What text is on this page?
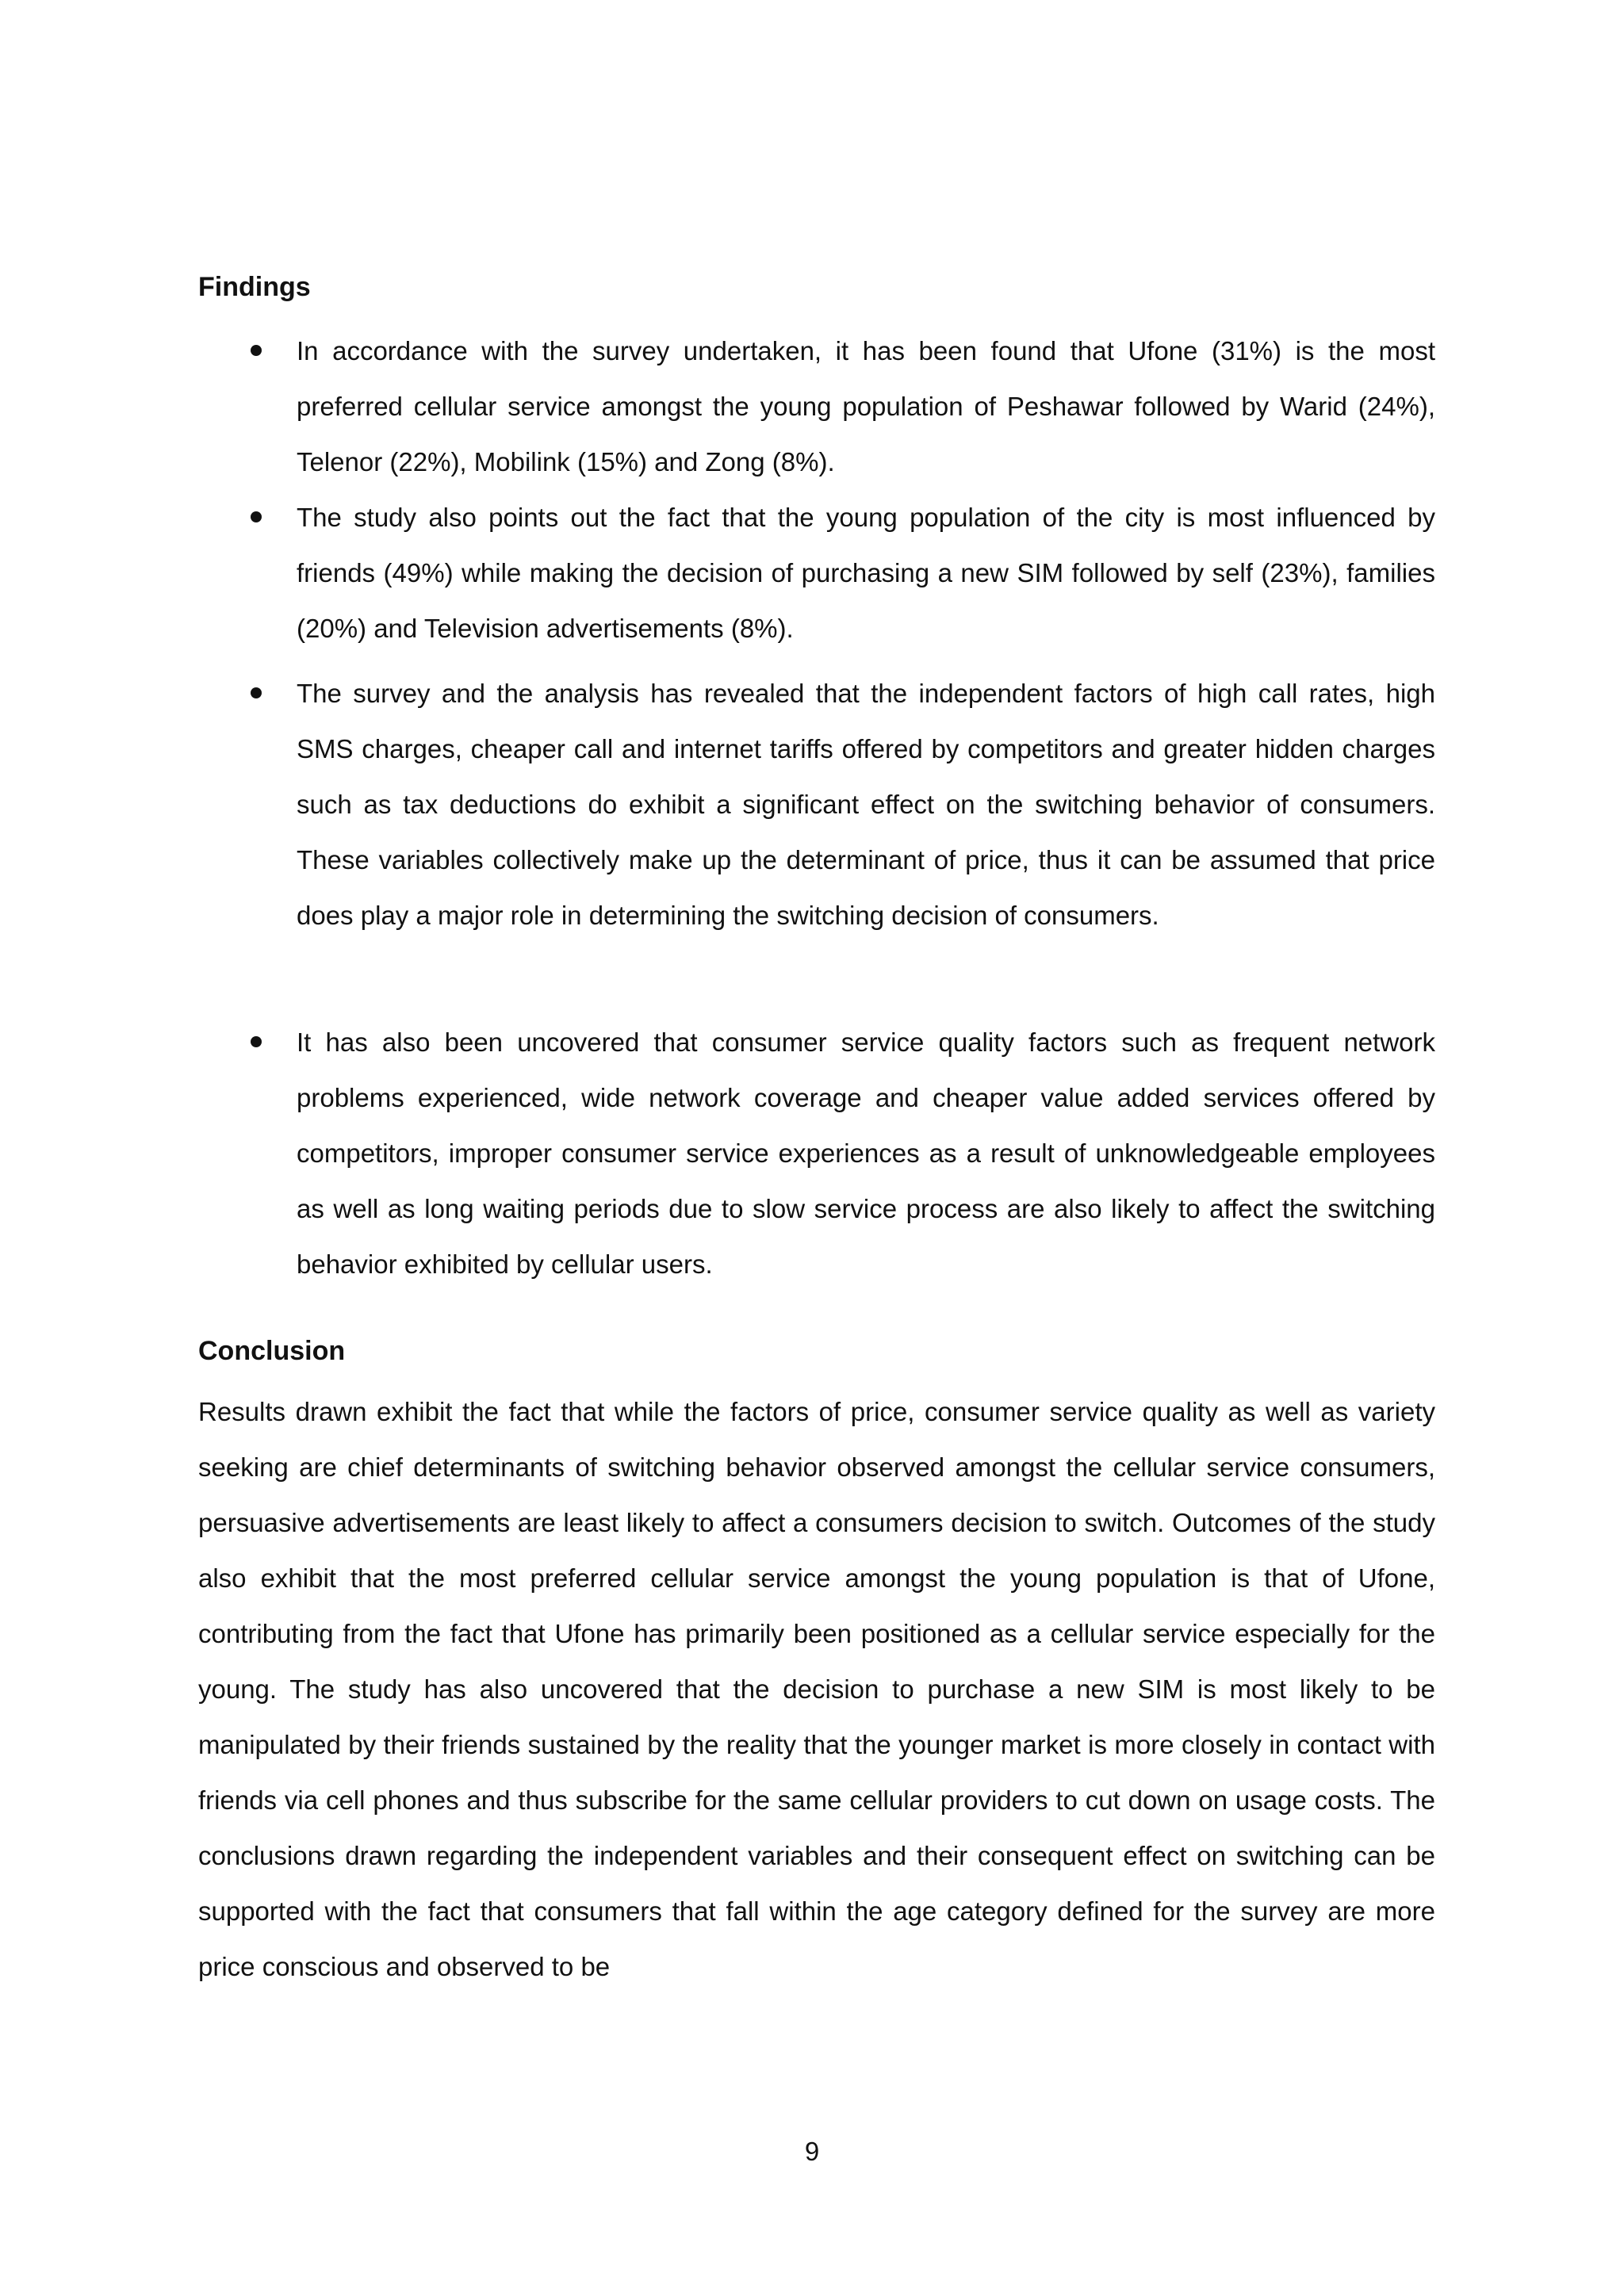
Findings
In accordance with the survey undertaken, it has been found that Ufone (31%) is the most preferred cellular service amongst the young population of Peshawar followed by Warid (24%), Telenor (22%), Mobilink (15%) and Zong (8%).
The study also points out the fact that the young population of the city is most influenced by friends (49%) while making the decision of purchasing a new SIM followed by self (23%), families (20%) and Television advertisements (8%).
The survey and the analysis has revealed that the independent factors of high call rates, high SMS charges, cheaper call and internet tariffs offered by competitors and greater hidden charges such as tax deductions do exhibit a significant effect on the switching behavior of consumers. These variables collectively make up the determinant of price, thus it can be assumed that price does play a major role in determining the switching decision of consumers.
It has also been uncovered that consumer service quality factors such as frequent network problems experienced, wide network coverage and cheaper value added services offered by competitors, improper consumer service experiences as a result of unknowledgeable employees as well as long waiting periods due to slow service process are also likely to affect the switching behavior exhibited by cellular users.
Conclusion

Results drawn exhibit the fact that while the factors of price, consumer service quality as well as variety seeking are chief determinants of switching behavior observed amongst the cellular service consumers, persuasive advertisements are least likely to affect a consumers decision to switch. Outcomes of the study also exhibit that the most preferred cellular service amongst the young population is that of Ufone, contributing from the fact that Ufone has primarily been positioned as a cellular service especially for the young. The study has also uncovered that the decision to purchase a new SIM is most likely to be manipulated by their friends sustained by the reality that the younger market is more closely in contact with friends via cell phones and thus subscribe for the same cellular providers to cut down on usage costs. The conclusions drawn regarding the independent variables and their consequent effect on switching can be supported with the fact that consumers that fall within the age category defined for the survey are more price conscious and observed to be

9
